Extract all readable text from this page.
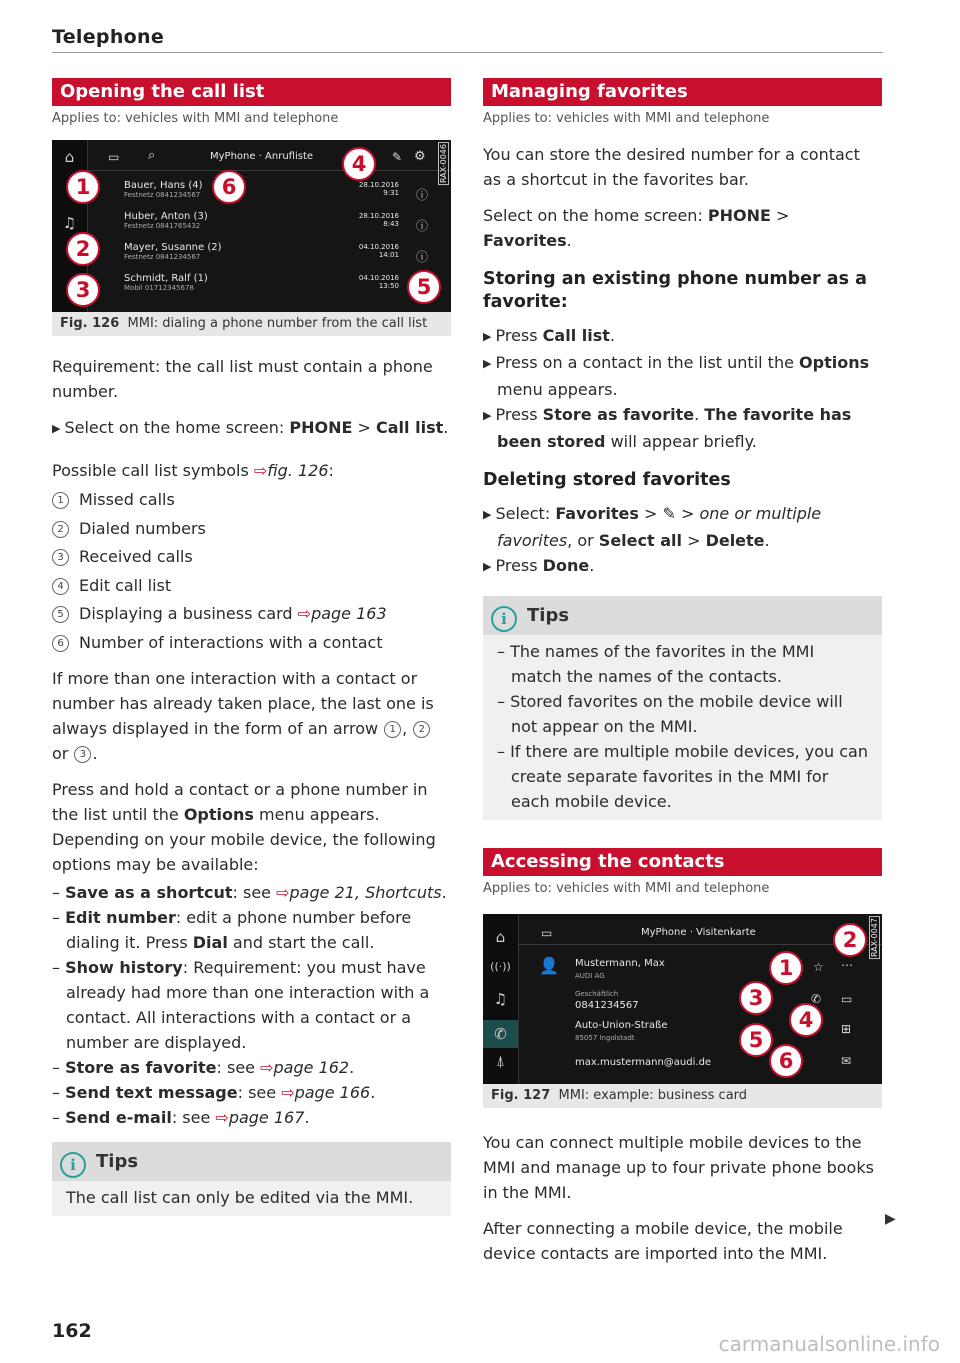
Telephone
Opening the call list
Applies to: vehicles with MMI and telephone
⌂
♫
▭ ⌕	MyPhone · Anrufliste	✎ ⚙ RAX-0046
Bauer, Hans (4)
Festnetz 0841234567
28.10.2016
9:31 ⓘ
Huber, Anton (3)
Festnetz 0841765432
28.10.2016
8:43 ⓘ
Mayer, Susanne (2)
Festnetz 0841234567
04.10.2016
14:01 ⓘ
Schmidt, Ralf (1)
Mobil 01712345678
04.10.2016
13:50
1
2
3
4
5
6
Fig. 126 MMI: dialing a phone number from the call list

Requirement: the call list must contain a phone number.

▶ Select on the home screen: PHONE > Call list.

Possible call list symbols ⇨fig. 126:

1 Missed calls

2 Dialed numbers

3 Received calls

4 Edit call list

5 Displaying a business card ⇨page 163

6 Number of interactions with a contact

If more than one interaction with a contact or number has already taken place, the last one is always displayed in the form of an arrow 1 , 2 or 3 .

Press and hold a contact or a phone number in the list until the Options menu appears. Depending on your mobile device, the following options may be available:

– Save as a shortcut: see ⇨page 21, Shortcuts.

– Edit number: edit a phone number before dialing it. Press Dial and start the call.

– Show history: Requirement: you must have already had more than one interaction with a contact. All interactions with a contact or a number are displayed.

– Store as favorite: see ⇨page 162.

– Send text message: see ⇨page 166.

– Send e-mail: see ⇨page 167.

i Tips

The call list can only be edited via the MMI.

Managing favorites
Applies to: vehicles with MMI and telephone

You can store the desired number for a contact as a shortcut in the favorites bar.

Select on the home screen: PHONE > Favorites.

Storing an existing phone number as a favorite:

▶ Press Call list.

▶ Press on a contact in the list until the Options menu appears.

▶ Press Store as favorite. The favorite has been stored will appear briefly.

Deleting stored favorites

▶ Select: Favorites > ✎ > one or multiple favorites, or Select all > Delete.

▶ Press Done.

i Tips

– The names of the favorites in the MMI match the names of the contacts.

– Stored favorites on the mobile device will not appear on the MMI.

– If there are multiple mobile devices, you can create separate favorites in the MMI for each mobile device.

Accessing the contacts
Applies to: vehicles with MMI and telephone
⌂
((·))
♫
✆
⍋
▭	MyPhone · Visitenkarte	RAX-0047
👤 Mustermann, Max
AUDI AG
Geschäftlich
0841234567
Auto-Union-Straße
85057 Ingolstadt
max.mustermann@audi.de
☆ ⋯
✆ ▭
⊞
✉
2
1
3
4
5
6
Fig. 127 MMI: example: business card

You can connect multiple mobile devices to the MMI and manage up to four private phone books in the MMI.

After connecting a mobile device, the mobile device contacts are imported into the MMI.

▶
162
carmanualsonline.info
